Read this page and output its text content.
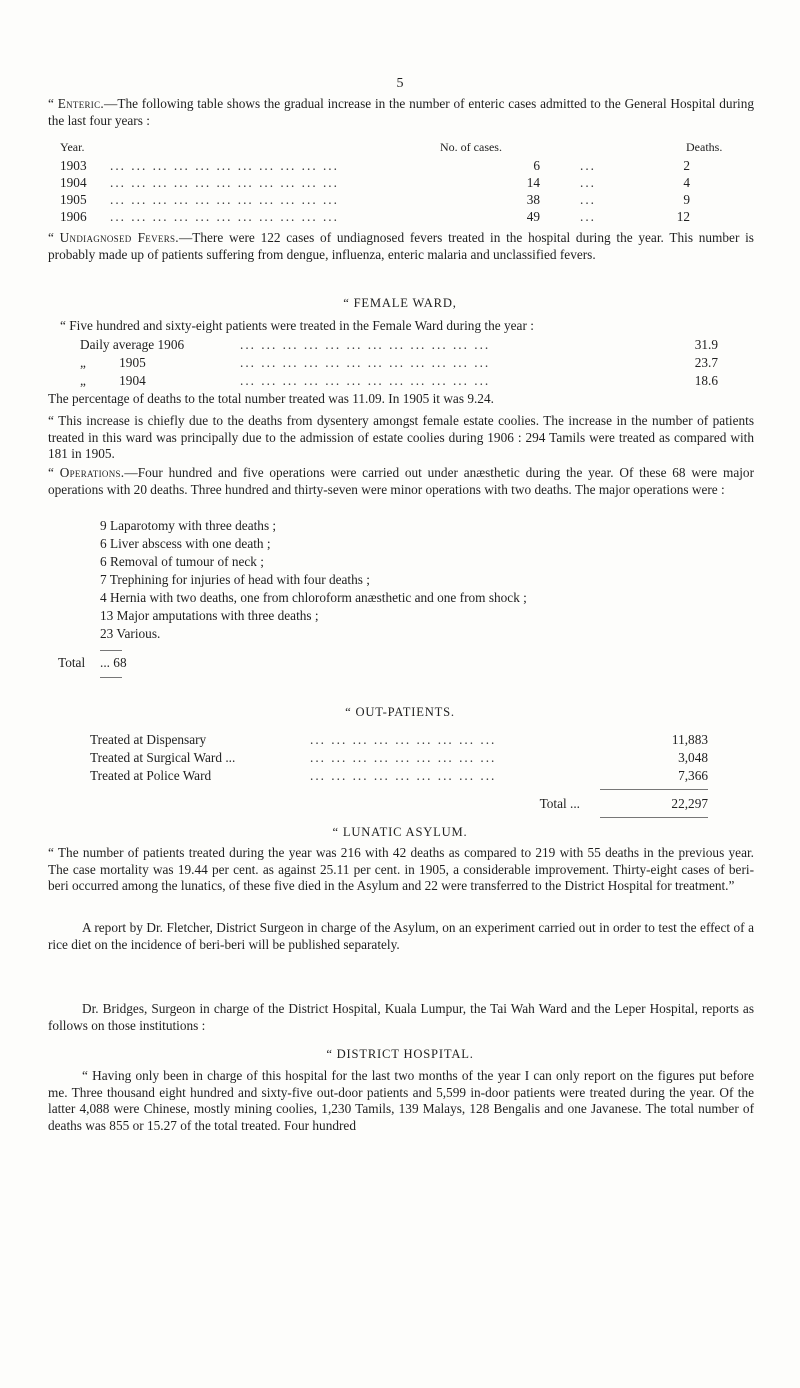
5
“ Enteric.—The following table shows the gradual increase in the number of enteric cases admitted to the General Hospital during the last four years :
Year.	No. of cases.	Deaths.
1903 ... ... ... ... ... ... ... ... ... ... ...	6	...	2
1904 ... ... ... ... ... ... ... ... ... ... ...	14	...	4
1905 ... ... ... ... ... ... ... ... ... ... ...	38	...	9
1906 ... ... ... ... ... ... ... ... ... ... ...	49	...	12
“ Undiagnosed Fevers.—There were 122 cases of undiagnosed fevers treated in the hospital during the year. This number is probably made up of patients suffering from dengue, influenza, enteric malaria and unclassified fevers.
“ FEMALE WARD,
“ Five hundred and sixty-eight patients were treated in the Female Ward during the year :
Daily average 1906	... ... ... ... ... ... ... ... ... ... ... ...	31.9
„          1905	... ... ... ... ... ... ... ... ... ... ... ...	23.7
„          1904	... ... ... ... ... ... ... ... ... ... ... ...	18.6
The percentage of deaths to the total number treated was 11.09. In 1905 it was 9.24.
“ This increase is chiefly due to the deaths from dysentery amongst female estate coolies. The increase in the number of patients treated in this ward was principally due to the admission of estate coolies during 1906 : 294 Tamils were treated as compared with 181 in 1905.
“ Operations.—Four hundred and five operations were carried out under anæsthetic during the year. Of these 68 were major operations with 20 deaths. Three hundred and thirty-seven were minor operations with two deaths. The major operations were :
9 Laparotomy with three deaths ;
6 Liver abscess with one death ;
6 Removal of tumour of neck ;
7 Trephining for injuries of head with four deaths ;
4 Hernia with two deaths, one from chloroform anæsthetic and one from shock ;
13 Major amputations with three deaths ;
23 Various.
Total ... 68
“ OUT-PATIENTS.
Treated at Dispensary	... ... ... ... ... ... ... ... ...	11,883
Treated at Surgical Ward ...	... ... ... ... ... ... ... ... ...	3,048
Treated at Police Ward	... ... ... ... ... ... ... ... ...	7,366
Total ...	22,297
“ LUNATIC ASYLUM.
“ The number of patients treated during the year was 216 with 42 deaths as compared to 219 with 55 deaths in the previous year. The case mortality was 19.44 per cent. as against 25.11 per cent. in 1905, a considerable improvement. Thirty-eight cases of beri-beri occurred among the lunatics, of these five died in the Asylum and 22 were transferred to the District Hospital for treatment.”
A report by Dr. Fletcher, District Surgeon in charge of the Asylum, on an experiment carried out in order to test the effect of a rice diet on the incidence of beri-beri will be published separately.
Dr. Bridges, Surgeon in charge of the District Hospital, Kuala Lumpur, the Tai Wah Ward and the Leper Hospital, reports as follows on those institutions :
“ DISTRICT HOSPITAL.
“ Having only been in charge of this hospital for the last two months of the year I can only report on the figures put before me. Three thousand eight hundred and sixty-five out-door patients and 5,599 in-door patients were treated during the year. Of the latter 4,088 were Chinese, mostly mining coolies, 1,230 Tamils, 139 Malays, 128 Bengalis and one Javanese. The total number of deaths was 855 or 15.27 of the total treated. Four hundred
